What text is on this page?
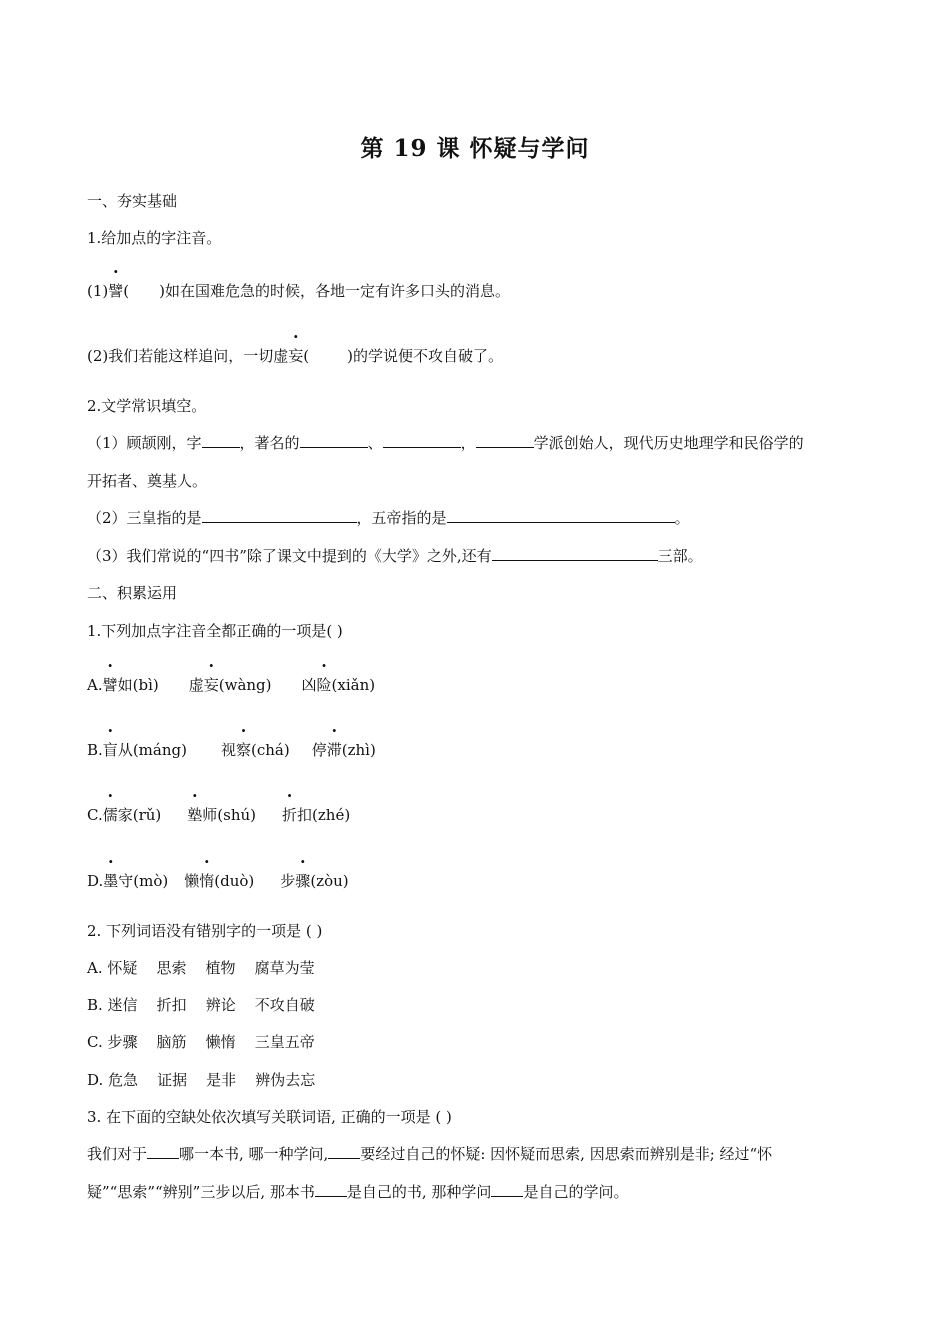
第 19 课 怀疑与学问
一、夯实基础
1.给加点的字注音。
(1)譬( )如在国难危急的时候，各地一定有许多口头的消息。
(2)我们若能这样追问，一切虚妄(	)的学说便不攻自破了。
2.文学常识填空。
（1）顾颉刚，字	，著名的	、	，	学派创始人，现代历史地理学和民俗学的
开拓者、奠基人。
（2）三皇指的是	，五帝指的是	。
（3）我们常说的“四书”除了课文中提到的《大学》之外,还有	三部。
二、积累运用
1.下列加点字注音全都正确的一项是( )
A.譬如(bì) 虚妄(wàng) 凶险(xiǎn)
B.盲从(máng) 视察(chá) 停滞(zhì)
C.儒家(rǔ) 塾师(shú) 折扣(zhé)
D.墨守(mò) 懒惰(duò) 步骤(zòu)
2. 下列词语没有错别字的一项是 ( )
A. 怀疑    思索    植物    腐草为莹
B. 迷信    折扣    辨论    不攻自破
C. 步骤    脑筋    懒惰    三皇五帝
D. 危急    证据    是非    辨伪去忘
3. 在下面的空缺处依次填写关联词语, 正确的一项是 ( )
我们对于 哪一本书, 哪一种学问, 要经过自己的怀疑: 因怀疑而思索, 因思索而辨别是非; 经过“怀
疑”“思索”“辨别”三步以后, 那本书 是自己的书, 那种学问 是自己的学问。
